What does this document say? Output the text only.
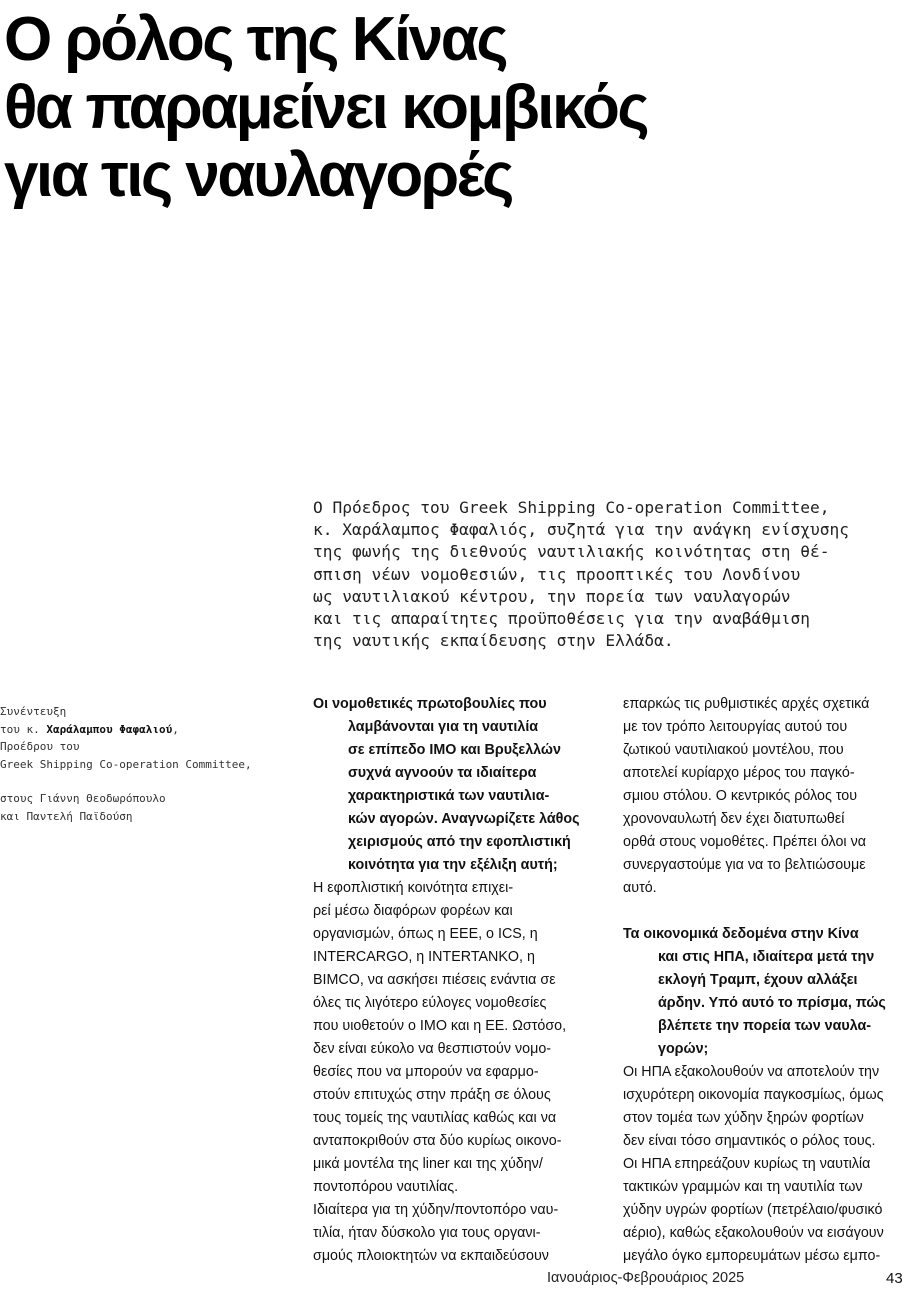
Ο ρόλος της Κίνας
θα παραμείνει κομβικός
για τις ναυλαγορές
Ο Πρόεδρος του Greek Shipping Co-operation Committee,
κ. Χαράλαμπος Φαφαλιός, συζητά για την ανάγκη ενίσχυσης
της φωνής της διεθνούς ναυτιλιακής κοινότητας στη θέ-
σπιση νέων νομοθεσιών, τις προοπτικές του Λονδίνου
ως ναυτιλιακού κέντρου, την πορεία των ναυλαγορών
και τις απαραίτητες προϋποθέσεις για την αναβάθμιση
της ναυτικής εκπαίδευσης στην Ελλάδα.
Συνέντευξη
του κ. Χαράλαμπου Φαφαλιού,
Προέδρου του
Greek Shipping Co-operation Committee,
στους Γιάννη Θεοδωρόπουλο
και Παντελή Παϊδούση
Οι νομοθετικές πρωτοβουλίες που
λαμβάνονται για τη ναυτιλία
σε επίπεδο ΙΜΟ και Βρυξελλών
συχνά αγνοούν τα ιδιαίτερα
χαρακτηριστικά των ναυτιλια-
κών αγορών. Αναγνωρίζετε λάθος
χειρισμούς από την εφοπλιστική
κοινότητα για την εξέλιξη αυτή;
Η εφοπλιστική κοινότητα επιχει-
ρεί μέσω διαφόρων φορέων και
οργανισμών, όπως η ΕΕΕ, ο ICS, η
INTERCARGO, η INTERTANKO, η
BIMCO, να ασκήσει πιέσεις ενάντια σε
όλες τις λιγότερο εύλογες νομοθεσίες
που υιοθετούν ο ΙΜΟ και η ΕΕ. Ωστόσο,
δεν είναι εύκολο να θεσπιστούν νομο-
θεσίες που να μπορούν να εφαρμο-
στούν επιτυχώς στην πράξη σε όλους
τους τομείς της ναυτιλίας καθώς και να
ανταποκριθούν στα δύο κυρίως οικονο-
μικά μοντέλα της liner και της χύδην/
ποντοπόρου ναυτιλίας.
Ιδιαίτερα για τη χύδην/ποντοπόρο ναυ-
τιλία, ήταν δύσκολο για τους οργανι-
σμούς πλοιοκτητών να εκπαιδεύσουν
επαρκώς τις ρυθμιστικές αρχές σχετικά
με τον τρόπο λειτουργίας αυτού του
ζωτικού ναυτιλιακού μοντέλου, που
αποτελεί κυρίαρχο μέρος του παγκό-
σμιου στόλου. Ο κεντρικός ρόλος του
χρονοναυλωτή δεν έχει διατυπωθεί
ορθά στους νομοθέτες. Πρέπει όλοι να
συνεργαστούμε για να το βελτιώσουμε
αυτό.
Τα οικονομικά δεδομένα στην Κίνα
και στις ΗΠΑ, ιδιαίτερα μετά την
εκλογή Τραμπ, έχουν αλλάξει
άρδην. Υπό αυτό το πρίσμα, πώς
βλέπετε την πορεία των ναυλα-
γορών;
Οι ΗΠΑ εξακολουθούν να αποτελούν την
ισχυρότερη οικονομία παγκοσμίως, όμως
στον τομέα των χύδην ξηρών φορτίων
δεν είναι τόσο σημαντικός ο ρόλος τους.
Οι ΗΠΑ επηρεάζουν κυρίως τη ναυτιλία
τακτικών γραμμών και τη ναυτιλία των
χύδην υγρών φορτίων (πετρέλαιο/φυσικό
αέριο), καθώς εξακολουθούν να εισάγουν
μεγάλο όγκο εμπορευμάτων μέσω εμπο-
Ιανουάριος-Φεβρουάριος 2025	43
